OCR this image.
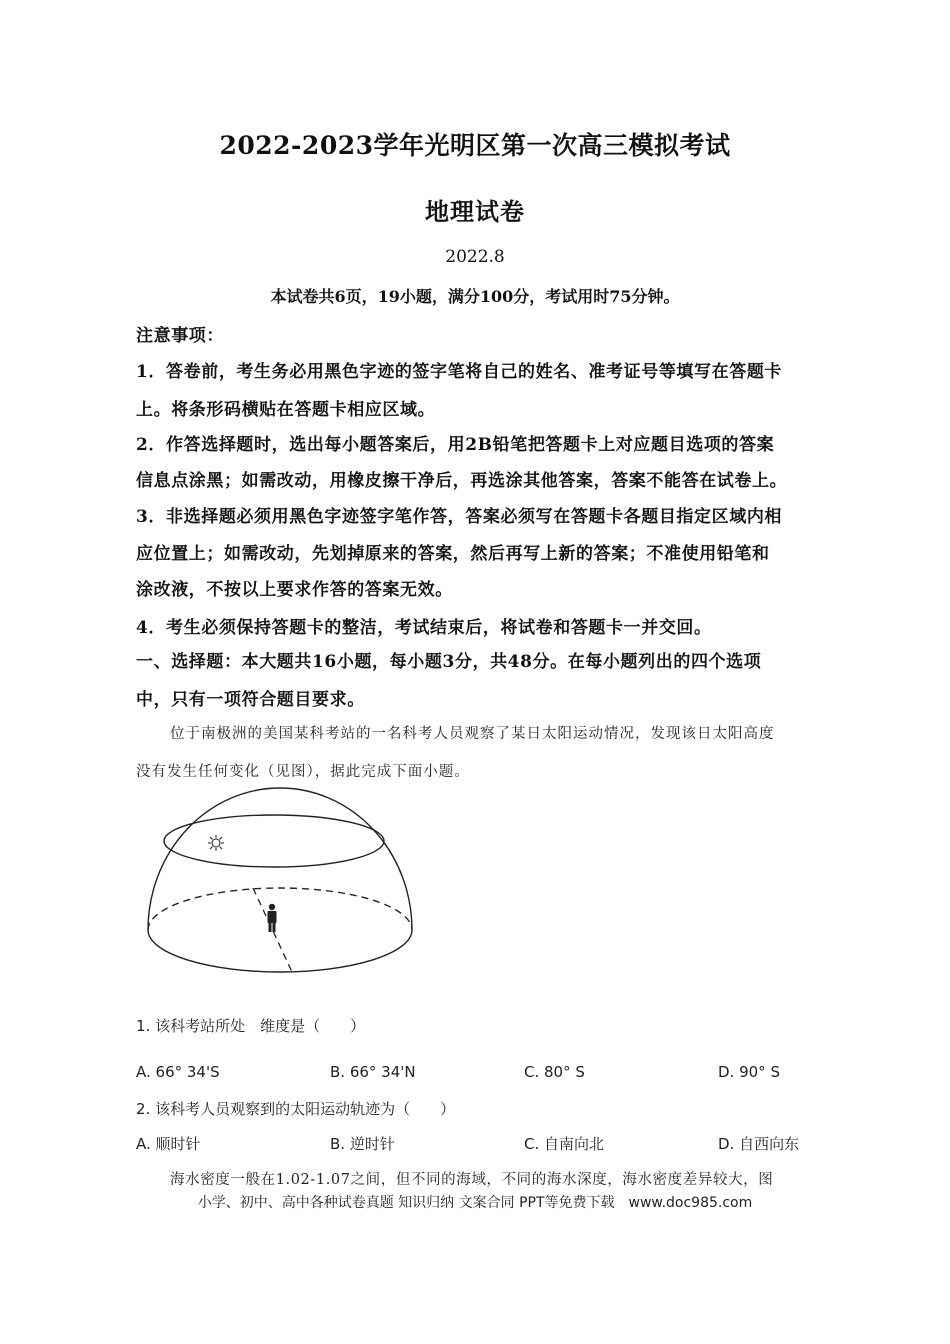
2022-2023学年光明区第一次高三模拟考试
地理试卷
2022.8
本试卷共6页，19小题，满分100分，考试用时75分钟。
注意事项：
1．答卷前，考生务必用黑色字迹的签字笔将自己的姓名、准考证号等填写在答题卡
上。将条形码横贴在答题卡相应区域。
2．作答选择题时，选出每小题答案后，用2B铅笔把答题卡上对应题目选项的答案
信息点涂黑；如需改动，用橡皮擦干净后，再选涂其他答案，答案不能答在试卷上。
3．非选择题必须用黑色字迹签字笔作答，答案必须写在答题卡各题目指定区域内相
应位置上；如需改动，先划掉原来的答案，然后再写上新的答案；不准使用铅笔和
涂改液，不按以上要求作答的答案无效。
4．考生必须保持答题卡的整洁，考试结束后，将试卷和答题卡一并交回。
一、选择题：本大题共16小题，每小题3分，共48分。在每小题列出的四个选项
中，只有一项符合题目要求。
位于南极洲的美国某科考站的一名科考人员观察了某日太阳运动情况，发现该日太阳高度
没有发生任何变化（见图），据此完成下面小题。
1. 该科考站所处　维度是（　　）
A. 66° 34'S	B. 66° 34'N	C. 80° S	D. 90° S
2. 该科考人员观察到的太阳运动轨迹为（　　）
A. 顺时针	B. 逆时针	C. 自南向北	D. 自西向东
海水密度一般在1.02-1.07之间，但不同的海域，不同的海水深度，海水密度差异较大，图
小学、初中、高中各种试卷真题 知识归纳 文案合同 PPT等免费下载　www.doc985.com
